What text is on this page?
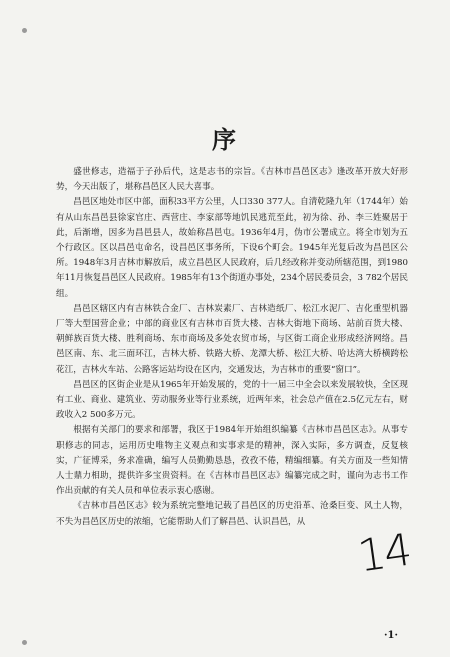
序

盛世修志，造福于子孙后代，这是志书的宗旨。《吉林市昌邑区志》逢改革开放大好形势，今天出版了，堪称昌邑区人民大喜事。

昌邑区地处市区中部，面积33平方公里，人口330 377人。自清乾隆九年（1744年）始有从山东昌邑县徐家官庄、西营庄、李家部等地饥民逃荒至此，初为徐、孙、李三姓聚居于此，后渐增，因多为昌邑县人，故始称昌邑屯。1936年4月，伪市公署成立。将全市划为五个行政区。区以昌邑屯命名，设昌邑区事务所，下设6个町会。1945年光复后改为昌邑区公所。1948年3月吉林市解放后，成立昌邑区人民政府，后几经改称并变动所辖范围，到1980年11月恢复昌邑区人民政府。1985年有13个街道办事处，234个居民委员会，3 782个居民组。

昌邑区辖区内有吉林铁合金厂、吉林炭素厂、吉林造纸厂、松江水泥厂、吉化重型机器厂等大型国营企业；中部的商业区有吉林市百货大楼、吉林大街地下商场、站前百货大楼、朝鲜族百货大楼、胜利商场、东市商场及多处农贸市场，与区街工商企业形成经济网络。昌邑区南、东、北三面环江，吉林大桥、铁路大桥、龙潭大桥、松江大桥、哈达湾大桥横跨松花江，吉林火车站、公路客运站均设在区内，交通发达，为吉林市的重要“窗口”。

昌邑区的区街企业是从1965年开始发展的，党的十一届三中全会以来发展较快，全区现有工业、商业、建筑业、劳动服务业等行业系统，近两年来，社会总产值在2.5亿元左右，财政收入2 500多万元。

根据有关部门的要求和部署，我区于1984年开始组织编纂《吉林市昌邑区志》。从事专职修志的同志，运用历史唯物主义观点和实事求是的精神，深入实际，多方调查，反复核实，广征博采，务求准确，编写人员勤勤恳恳，孜孜不倦，精编细纂。有关方面及一些知情人士鼎力相助，提供许多宝贵资料。在《吉林市昌邑区志》编纂完成之时，谨向为志书工作作出贡献的有关人员和单位表示衷心感谢。

《吉林市昌邑区志》较为系统完整地记载了昌邑区的历史沿革、沧桑巨变、风土人物，不失为昌邑区历史的浓缩，它能帮助人们了解昌邑、认识昌邑，从

14
·1·
